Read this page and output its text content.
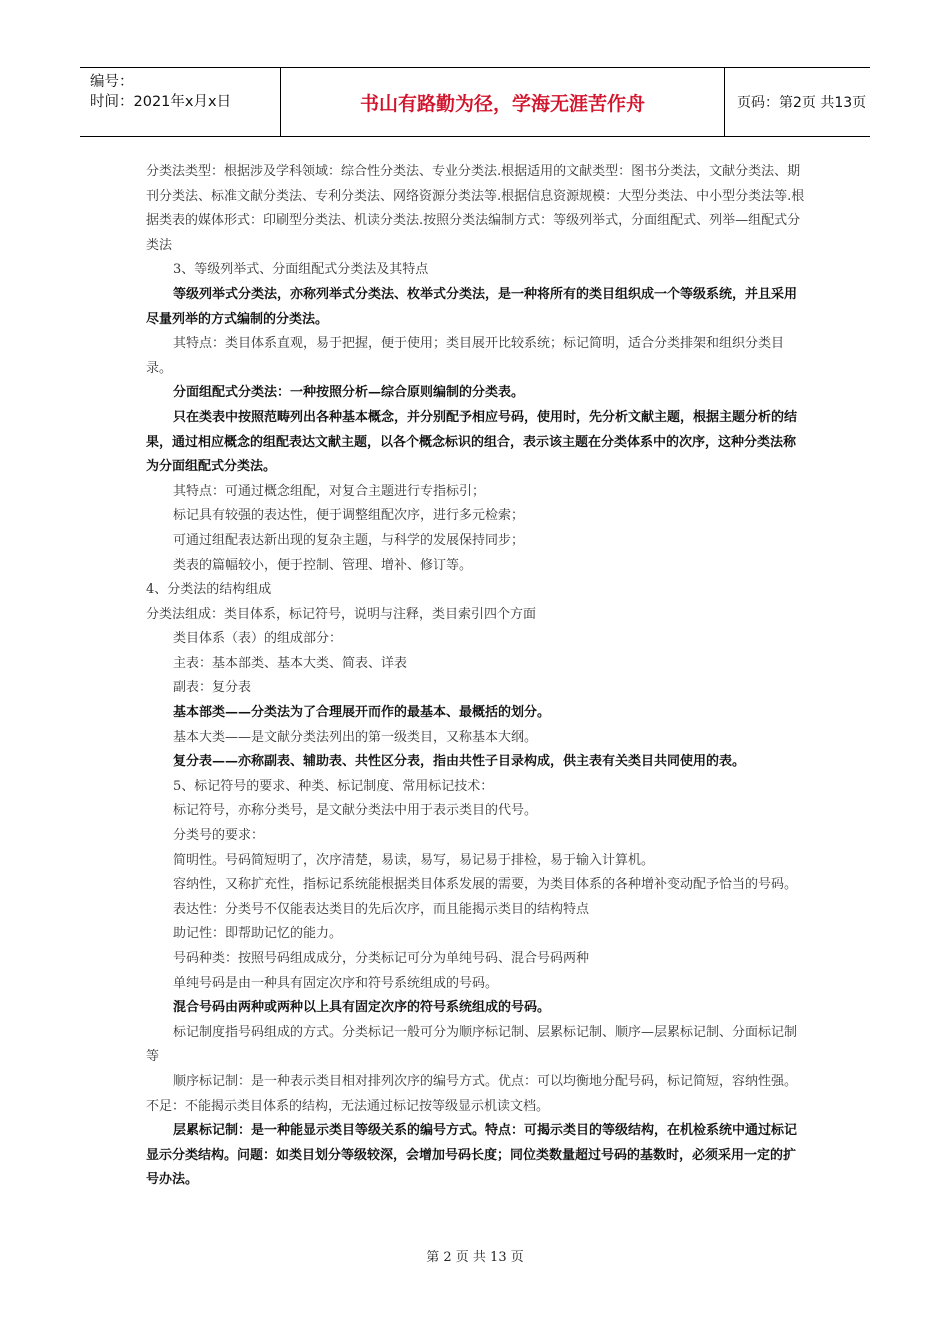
编号：
时间：2021年x月x日	书山有路勤为径，学海无涯苦作舟	页码：第2页 共13页

分类法类型：根据涉及学科领域：综合性分类法、专业分类法.根据适用的文献类型：图书分类法，文献分类法、期刊分类法、标准文献分类法、专利分类法、网络资源分类法等.根据信息资源规模：大型分类法、中小型分类法等.根据类表的媒体形式：印刷型分类法、机读分类法.按照分类法编制方式：等级列举式，分面组配式、列举—组配式分类法

3、等级列举式、分面组配式分类法及其特点

等级列举式分类法，亦称列举式分类法、枚举式分类法，是一种将所有的类目组织成一个等级系统，并且采用尽量列举的方式编制的分类法。

其特点：类目体系直观，易于把握，便于使用；类目展开比较系统；标记简明，适合分类排架和组织分类目录。

分面组配式分类法：一种按照分析—综合原则编制的分类表。

只在类表中按照范畴列出各种基本概念，并分别配予相应号码，使用时，先分析文献主题，根据主题分析的结果，通过相应概念的组配表达文献主题，以各个概念标识的组合，表示该主题在分类体系中的次序，这种分类法称为分面组配式分类法。

其特点：可通过概念组配，对复合主题进行专指标引；

标记具有较强的表达性，便于调整组配次序，进行多元检索；

可通过组配表达新出现的复杂主题，与科学的发展保持同步；

类表的篇幅较小，便于控制、管理、增补、修订等。

4、分类法的结构组成

分类法组成：类目体系，标记符号，说明与注释，类目索引四个方面

类目体系（表）的组成部分：

主表：基本部类、基本大类、简表、详表

副表：复分表

基本部类——分类法为了合理展开而作的最基本、最概括的划分。

基本大类——是文献分类法列出的第一级类目，又称基本大纲。

复分表——亦称副表、辅助表、共性区分表，指由共性子目录构成，供主表有关类目共同使用的表。

5、标记符号的要求、种类、标记制度、常用标记技术：

标记符号，亦称分类号，是文献分类法中用于表示类目的代号。

分类号的要求：

简明性。号码简短明了，次序清楚，易读，易写，易记易于排检，易于输入计算机。

容纳性，又称扩充性，指标记系统能根据类目体系发展的需要，为类目体系的各种增补变动配予恰当的号码。

表达性：分类号不仅能表达类目的先后次序，而且能揭示类目的结构特点

助记性：即帮助记忆的能力。

号码种类：按照号码组成成分，分类标记可分为单纯号码、混合号码两种

单纯号码是由一种具有固定次序和符号系统组成的号码。

混合号码由两种或两种以上具有固定次序的符号系统组成的号码。

标记制度指号码组成的方式。分类标记一般可分为顺序标记制、层累标记制、顺序—层累标记制、分面标记制等

顺序标记制：是一种表示类目相对排列次序的编号方式。优点：可以均衡地分配号码，标记简短，容纳性强。不足：不能揭示类目体系的结构，无法通过标记按等级显示机读文档。

层累标记制：是一种能显示类目等级关系的编号方式。特点：可揭示类目的等级结构，在机检系统中通过标记显示分类结构。问题：如类目划分等级较深，会增加号码长度；同位类数量超过号码的基数时，必须采用一定的扩号办法。

第 2 页 共 13 页
